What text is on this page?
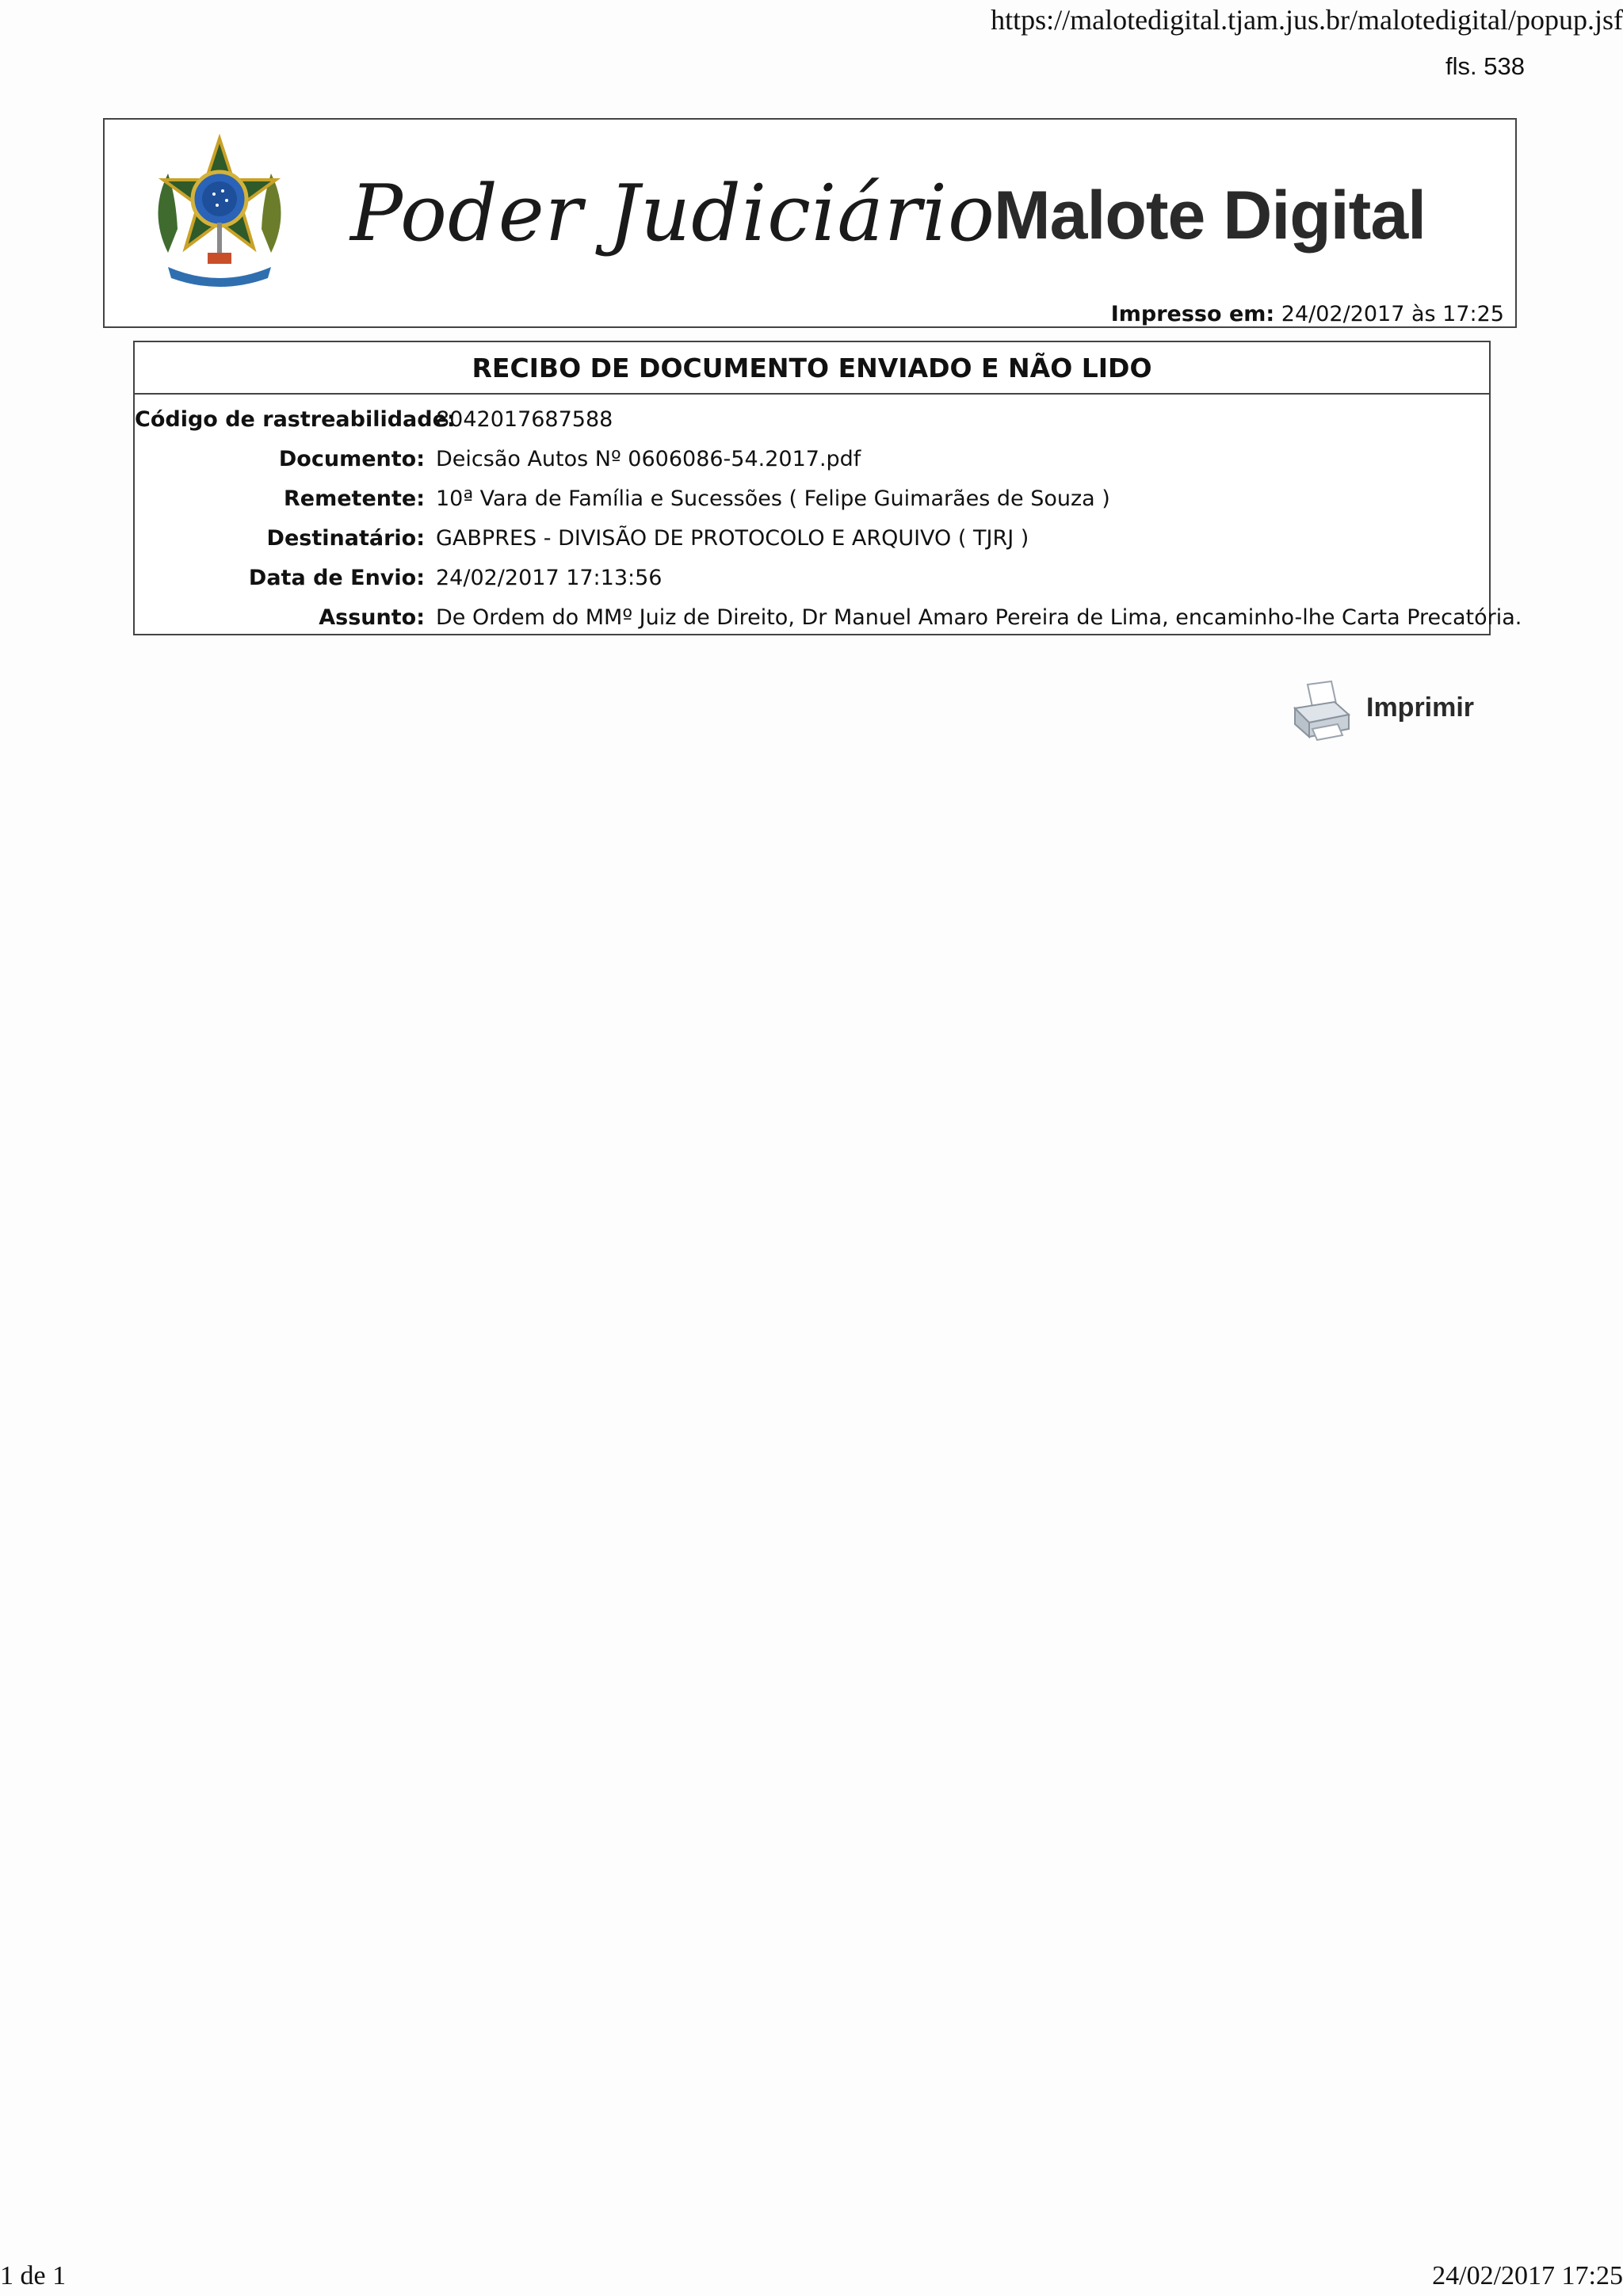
https://malotedigital.tjam.jus.br/malotedigital/popup.jsf
fls. 538
Poder Judiciário
Malote Digital
Impresso em: 24/02/2017 às 17:25
RECIBO DE DOCUMENTO ENVIADO E NÃO LIDO
Código de rastreabilidade:
8042017687588
Documento: Deicsão Autos Nº 0606086-54.2017.pdf
Remetente: 10ª Vara de Família e Sucessões ( Felipe Guimarães de Souza )
Destinatário: GABPRES - DIVISÃO DE PROTOCOLO E ARQUIVO ( TJRJ )
Data de Envio: 24/02/2017 17:13:56
Assunto: De Ordem do MMº Juiz de Direito, Dr Manuel Amaro Pereira de Lima, encaminho-lhe Carta Precatória.
Imprimir
1 de 1	24/02/2017 17:25
